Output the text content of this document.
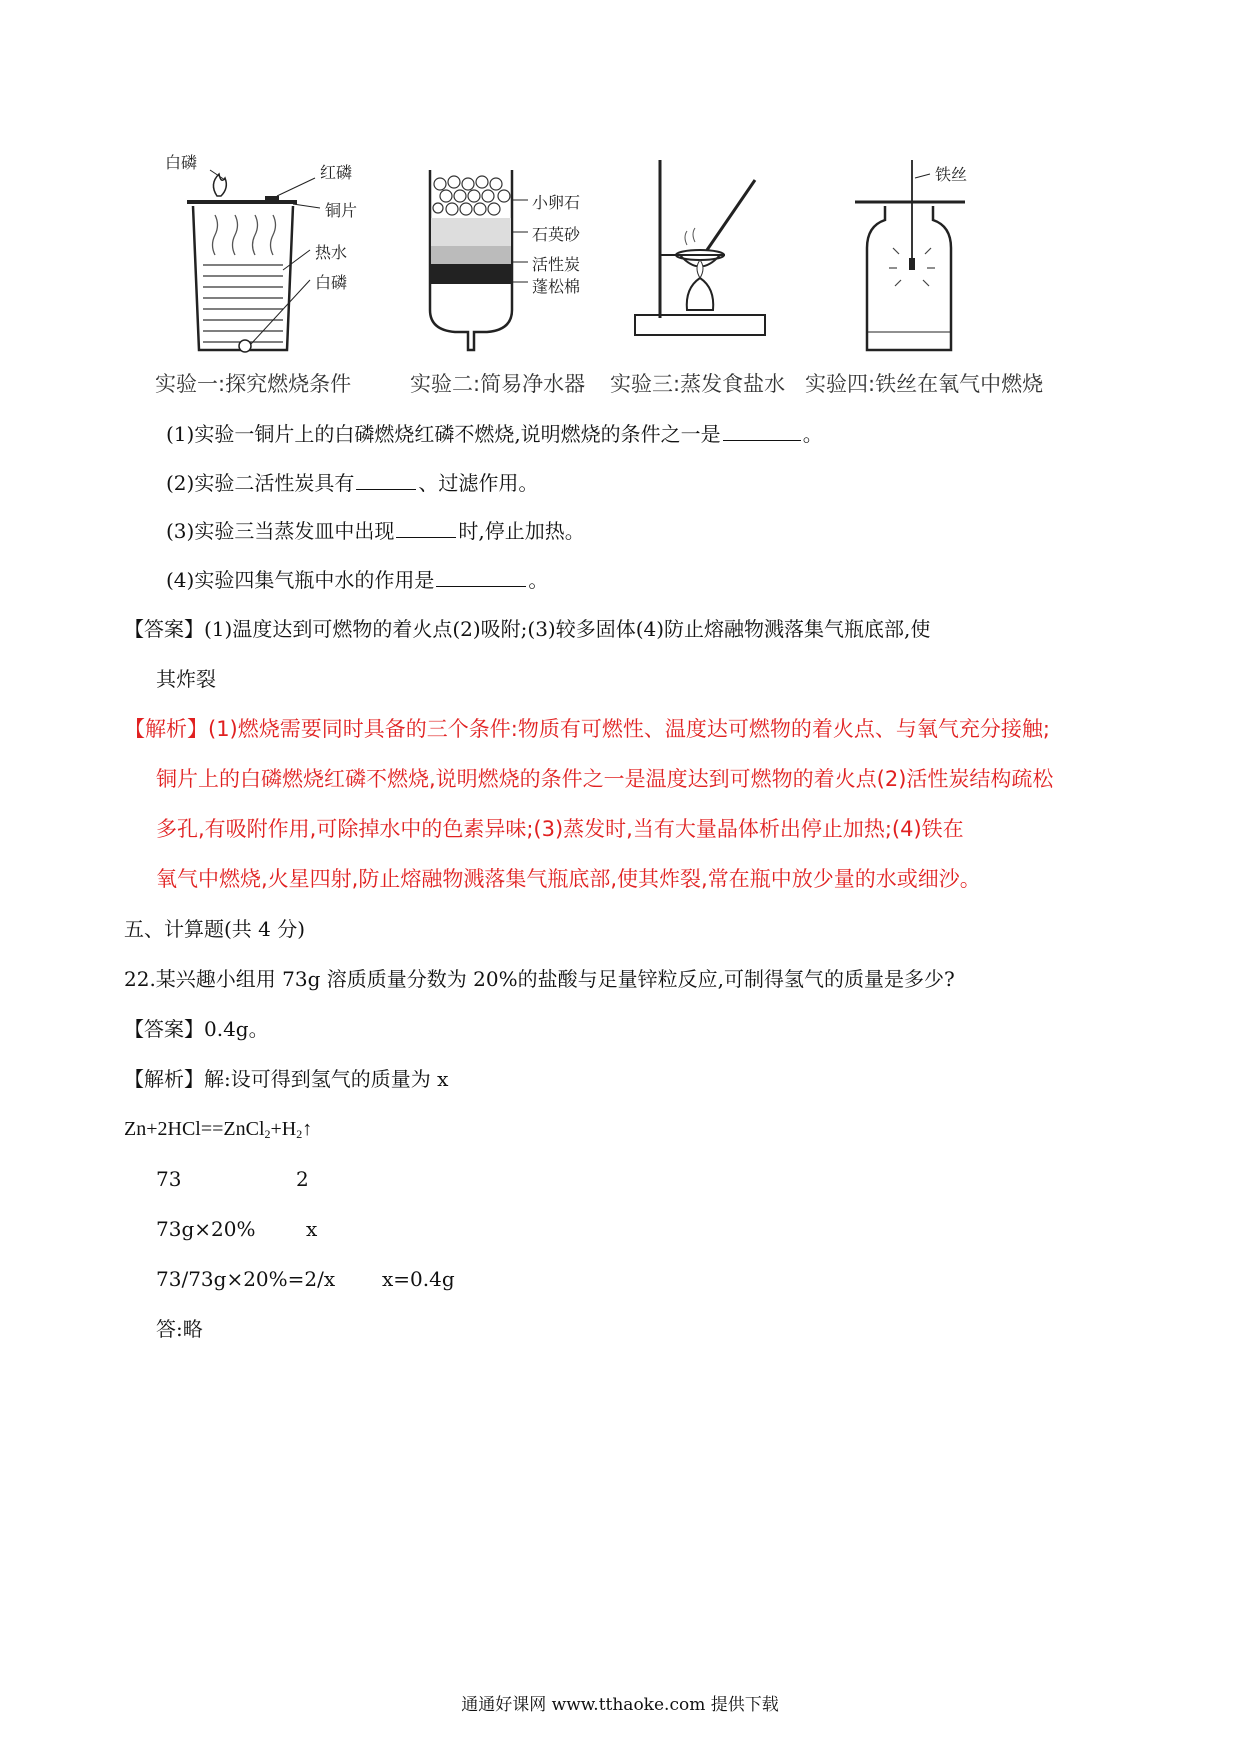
白磷
红磷
铜片
热水
白磷
实验一:探究燃烧条件
小卵石
石英砂
活性炭
蓬松棉
实验二:简易净水器 实验三:蒸发食盐水
铁丝
实验四:铁丝在氧气中燃烧
(1)实验一铜片上的白磷燃烧红磷不燃烧,说明燃烧的条件之一是	。
(2)实验二活性炭具有	、过滤作用。
(3)实验三当蒸发皿中出现	时,停止加热。
(4)实验四集气瓶中水的作用是	。
【答案】(1)温度达到可燃物的着火点(2)吸附;(3)较多固体(4)防止熔融物溅落集气瓶底部,使
其炸裂
【解析】(1)燃烧需要同时具备的三个条件:物质有可燃性、温度达可燃物的着火点、与氧气充分接触;
铜片上的白磷燃烧红磷不燃烧,说明燃烧的条件之一是温度达到可燃物的着火点(2)活性炭结构疏松
多孔,有吸附作用,可除掉水中的色素异味;(3)蒸发时,当有大量晶体析出停止加热;(4)铁在
氧气中燃烧,火星四射,防止熔融物溅落集气瓶底部,使其炸裂,常在瓶中放少量的水或细沙。
五、计算题(共 4 分)
22.某兴趣小组用 73g 溶质质量分数为 20%的盐酸与足量锌粒反应,可制得氢气的质量是多少?
【答案】0.4g。
【解析】解:设可得到氢气的质量为 x
$Zn+2HCl==ZnCl_2+H_2↑$
73	2
73g×20%	x
73/73g×20%=2/x x=0.4g
答:略
通通好课网 www.tthaoke.com 提供下载
